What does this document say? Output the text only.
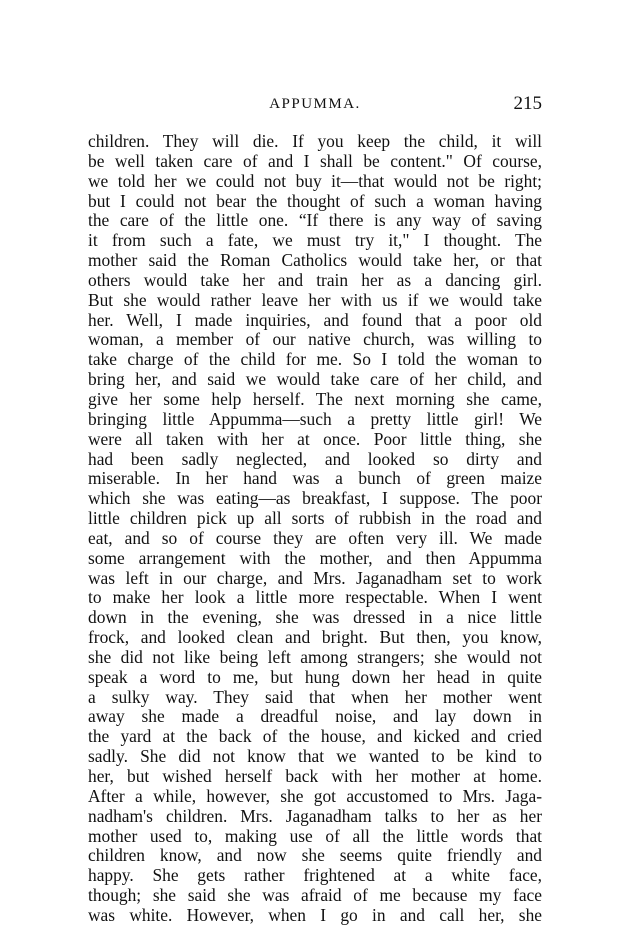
APPUMMA.	215
children. They will die. If you keep the child, it will
be well taken care of and I shall be content." Of course,
we told her we could not buy it—that would not be right;
but I could not bear the thought of such a woman having
the care of the little one. “If there is any way of saving
it from such a fate, we must try it," I thought. The
mother said the Roman Catholics would take her, or that
others would take her and train her as a dancing girl.
But she would rather leave her with us if we would take
her. Well, I made inquiries, and found that a poor old
woman, a member of our native church, was willing to
take charge of the child for me. So I told the woman to
bring her, and said we would take care of her child, and
give her some help herself. The next morning she came,
bringing little Appumma—such a pretty little girl! We
were all taken with her at once. Poor little thing, she
had been sadly neglected, and looked so dirty and
miserable. In her hand was a bunch of green maize
which she was eating—as breakfast, I suppose. The poor
little children pick up all sorts of rubbish in the road and
eat, and so of course they are often very ill. We made
some arrangement with the mother, and then Appumma
was left in our charge, and Mrs. Jaganadham set to work
to make her look a little more respectable. When I went
down in the evening, she was dressed in a nice little
frock, and looked clean and bright. But then, you know,
she did not like being left among strangers; she would not
speak a word to me, but hung down her head in quite
a sulky way. They said that when her mother went
away she made a dreadful noise, and lay down in
the yard at the back of the house, and kicked and cried
sadly. She did not know that we wanted to be kind to
her, but wished herself back with her mother at home.
After a while, however, she got accustomed to Mrs. Jaga-
nadham's children. Mrs. Jaganadham talks to her as her
mother used to, making use of all the little words that
children know, and now she seems quite friendly and
happy. She gets rather frightened at a white face,
though; she said she was afraid of me because my face
was white. However, when I go in and call her, she
